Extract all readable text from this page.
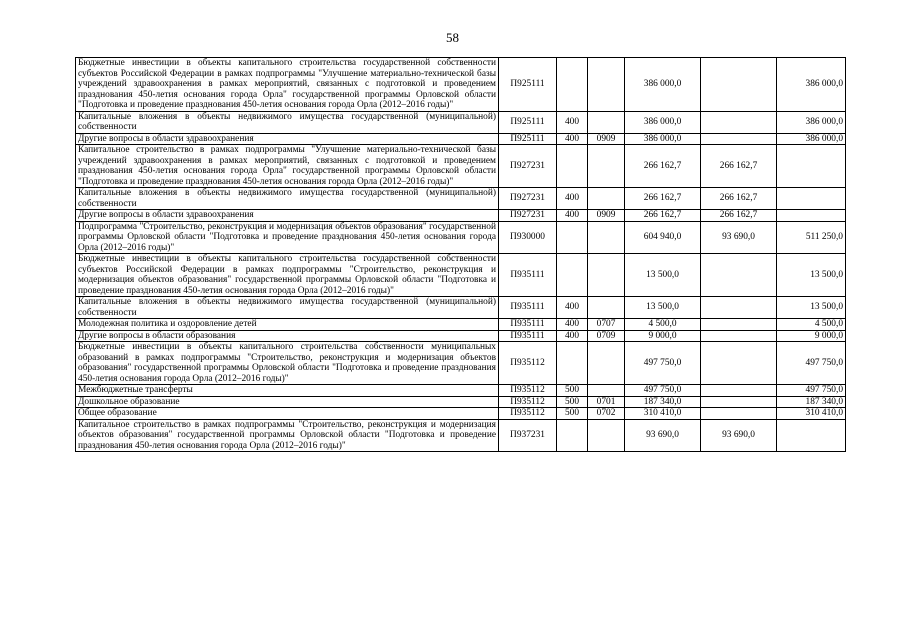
58
Бюджетные инвестиции в объекты капитального строительства государственной собственности субъектов Российской Федерации в рамках подпрограммы "Улучшение материально-технической базы учреждений здравоохранения в рамках мероприятий, связанных с подготовкой и проведением празднования 450-летия основания города Орла" государственной программы Орловской области "Подготовка и проведение празднования 450-летия основания города Орла (2012–2016 годы)"	П925111			386 000,0		386 000,0
Капитальные вложения в объекты недвижимого имущества государственной (муниципальной) собственности	П925111	400		386 000,0		386 000,0
Другие вопросы в области здравоохранения	П925111	400	0909	386 000,0		386 000,0
Капитальное строительство в рамках подпрограммы "Улучшение материально-технической базы учреждений здравоохранения в рамках мероприятий, связанных с подготовкой и проведением празднования 450-летия основания города Орла" государственной программы Орловской области "Подготовка и проведение празднования 450-летия основания города Орла (2012–2016 годы)"	П927231			266 162,7	266 162,7	
Капитальные вложения в объекты недвижимого имущества государственной (муниципальной) собственности	П927231	400		266 162,7	266 162,7	
Другие вопросы в области здравоохранения	П927231	400	0909	266 162,7	266 162,7	
Подпрограмма "Строительство, реконструкция и модернизация объектов образования" государственной программы Орловской области "Подготовка и проведение празднования 450-летия основания города Орла (2012–2016 годы)"	П930000			604 940,0	93 690,0	511 250,0
Бюджетные инвестиции в объекты капитального строительства государственной собственности субъектов Российской Федерации в рамках подпрограммы "Строительство, реконструкция и модернизация объектов образования" государственной программы Орловской области "Подготовка и проведение празднования 450-летия основания города Орла (2012–2016 годы)"	П935111			13 500,0		13 500,0
Капитальные вложения в объекты недвижимого имущества государственной (муниципальной) собственности	П935111	400		13 500,0		13 500,0
Молодежная политика и оздоровление детей	П935111	400	0707	4 500,0		4 500,0
Другие вопросы в области образования	П935111	400	0709	9 000,0		9 000,0
Бюджетные инвестиции в объекты капитального строительства собственности муниципальных образований в рамках подпрограммы "Строительство, реконструкция и модернизация объектов образования" государственной программы Орловской области "Подготовка и проведение празднования 450-летия основания города Орла (2012–2016 годы)"	П935112			497 750,0		497 750,0
Межбюджетные трансферты	П935112	500		497 750,0		497 750,0
Дошкольное образование	П935112	500	0701	187 340,0		187 340,0
Общее образование	П935112	500	0702	310 410,0		310 410,0
Капитальное строительство в рамках подпрограммы "Строительство, реконструкция и модернизация объектов образования" государственной программы Орловской области "Подготовка и проведение празднования 450-летия основания города Орла (2012–2016 годы)"	П937231			93 690,0	93 690,0	
